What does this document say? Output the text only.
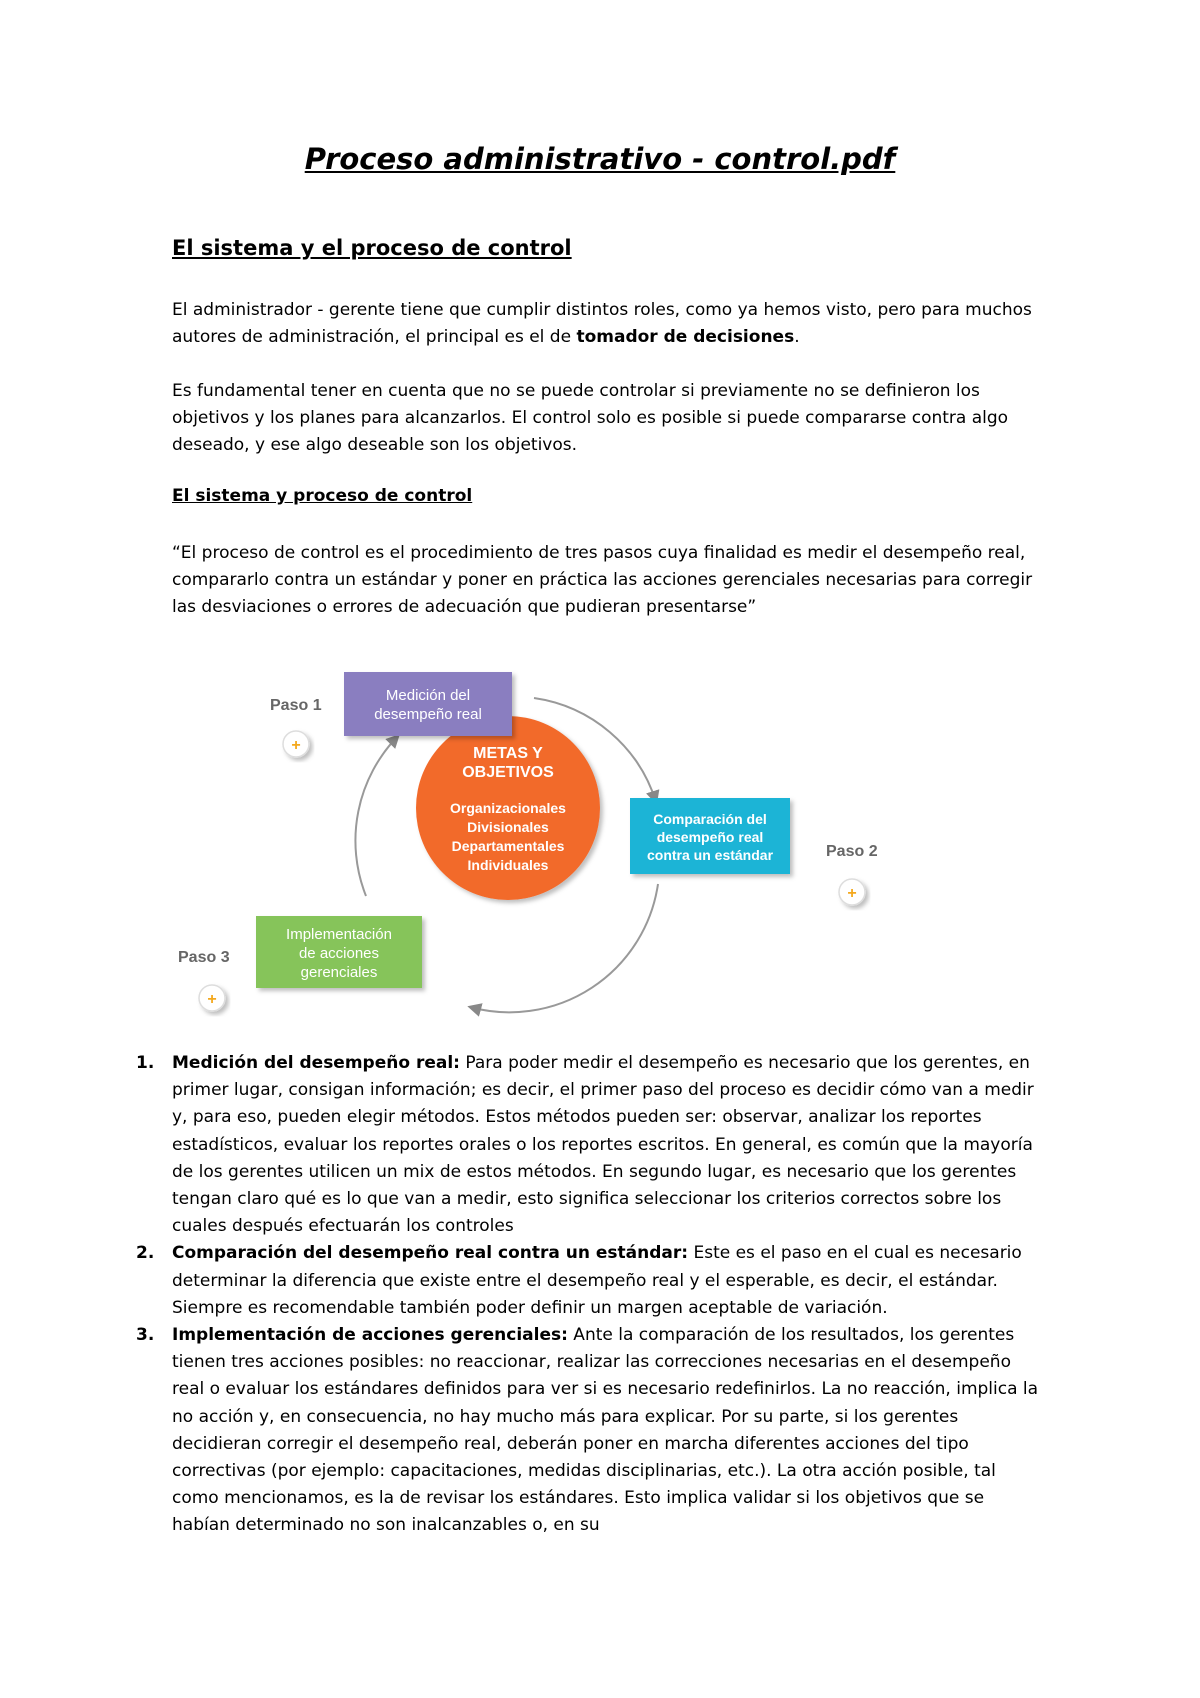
Proceso administrativo - control.pdf
El sistema y el proceso de control

El administrador - gerente tiene que cumplir distintos roles, como ya hemos visto, pero para muchos autores de administración, el principal es el de tomador de decisiones.

Es fundamental tener en cuenta que no se puede controlar si previamente no se definieron los objetivos y los planes para alcanzarlos. El control solo es posible si puede compararse contra algo deseado, y ese algo deseable son los objetivos.

El sistema y proceso de control

“El proceso de control es el procedimiento de tres pasos cuya finalidad es medir el desempeño real, compararlo contra un estándar y poner en práctica las acciones gerenciales necesarias para corregir las desviaciones o errores de adecuación que pudieran presentarse”

METAS Y
OBJETIVOS
Organizacionales
Divisionales
Departamentales
Individuales
Medición del
desempeño real
Paso 1
+
Comparación del
desempeño real
contra un estándar	Paso 2
+
Implementación
de acciones
gerenciales
Paso 3
+
1. Medición del desempeño real: Para poder medir el desempeño es necesario que los gerentes, en primer lugar, consigan información; es decir, el primer paso del proceso es decidir cómo van a medir y, para eso, pueden elegir métodos. Estos métodos pueden ser: observar, analizar los reportes estadísticos, evaluar los reportes orales o los reportes escritos. En general, es común que la mayoría de los gerentes utilicen un mix de estos métodos. En segundo lugar, es necesario que los gerentes tengan claro qué es lo que van a medir, esto significa seleccionar los criterios correctos sobre los cuales después efectuarán los controles
2. Comparación del desempeño real contra un estándar: Este es el paso en el cual es necesario determinar la diferencia que existe entre el desempeño real y el esperable, es decir, el estándar. Siempre es recomendable también poder definir un margen aceptable de variación.
3. Implementación de acciones gerenciales: Ante la comparación de los resultados, los gerentes tienen tres acciones posibles: no reaccionar, realizar las correcciones necesarias en el desempeño real o evaluar los estándares definidos para ver si es necesario redefinirlos. La no reacción, implica la no acción y, en consecuencia, no hay mucho más para explicar. Por su parte, si los gerentes decidieran corregir el desempeño real, deberán poner en marcha diferentes acciones del tipo correctivas (por ejemplo: capacitaciones, medidas disciplinarias, etc.). La otra acción posible, tal como mencionamos, es la de revisar los estándares. Esto implica validar si los objetivos que se habían determinado no son inalcanzables o, en su
